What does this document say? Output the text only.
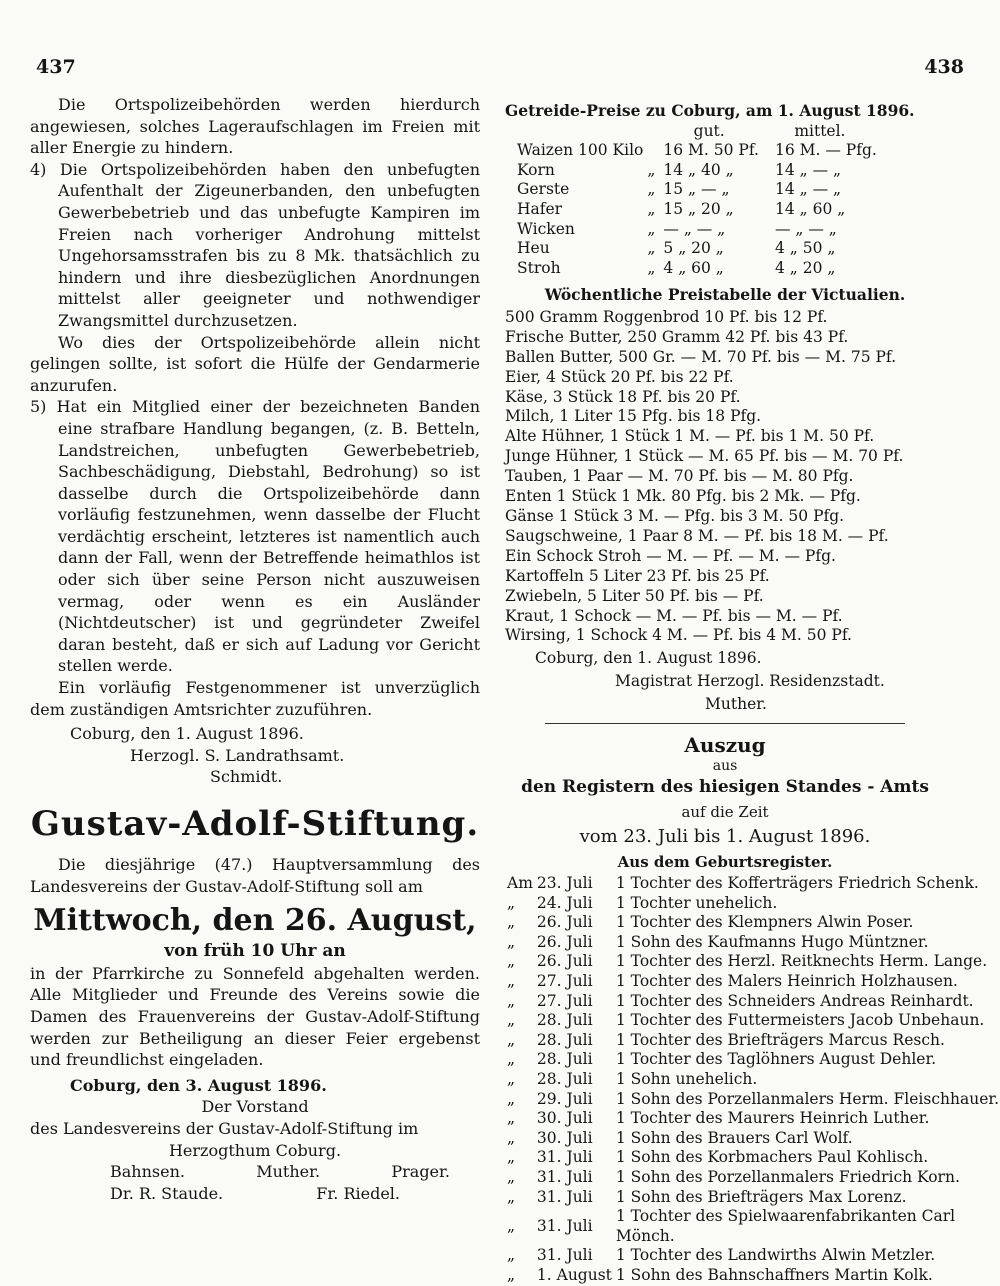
437	438

Die Ortspolizeibehörden werden hierdurch angewiesen, solches Lageraufschlagen im Freien mit aller Energie zu hindern.

4) Die Ortspolizeibehörden haben den unbefugten Aufenthalt der Zigeunerbanden, den unbefugten Gewerbebetrieb und das unbefugte Kampiren im Freien nach vorheriger Androhung mittelst Ungehorsamsstrafen bis zu 8 Mk. thatsächlich zu hindern und ihre diesbezüglichen Anordnungen mittelst aller geeigneter und nothwendiger Zwangsmittel durchzusetzen.

Wo dies der Ortspolizeibehörde allein nicht gelingen sollte, ist sofort die Hülfe der Gendarmerie anzurufen.

5) Hat ein Mitglied einer der bezeichneten Banden eine strafbare Handlung begangen, (z. B. Betteln, Landstreichen, unbefugten Gewerbebetrieb, Sachbeschädigung, Diebstahl, Bedrohung) so ist dasselbe durch die Ortspolizeibehörde dann vorläufig festzunehmen, wenn dasselbe der Flucht verdächtig erscheint, letzteres ist namentlich auch dann der Fall, wenn der Betreffende heimathlos ist oder sich über seine Person nicht auszuweisen vermag, oder wenn es ein Ausländer (Nichtdeutscher) ist und gegründeter Zweifel daran besteht, daß er sich auf Ladung vor Gericht stellen werde.

Ein vorläufig Festgenommener ist unverzüglich dem zuständigen Amtsrichter zuzuführen.

Coburg, den 1. August 1896.

Herzogl. S. Landrathsamt.

Schmidt.

Gustav-Adolf-Stiftung.

Die diesjährige (47.) Hauptversammlung des Landesvereins der Gustav-Adolf-Stiftung soll am

Mittwoch, den 26. August,

von früh 10 Uhr an

in der Pfarrkirche zu Sonnefeld abgehalten werden. Alle Mitglieder und Freunde des Vereins sowie die Damen des Frauenvereins der Gustav-Adolf-Stiftung werden zur Betheiligung an dieser Feier ergebenst und freundlichst eingeladen.

Coburg, den 3. August 1896.

Der Vorstand

des Landesvereins der Gustav-Adolf-Stiftung im

Herzogthum Coburg.

Bahnsen.	Muther.	Prager.
Dr. R. Staude.	Fr. Riedel.

Getreide-Preise zu Coburg, am 1. August 1896.

		gut.	mittel.
Waizen 100 Kilo		16 M. 50 Pf.	16 M. — Pfg.
Korn	„	14 „ 40 „	14 „ — „
Gerste	„	15 „ — „	14 „ — „
Hafer	„	15 „ 20 „	14 „ 60 „
Wicken	„	— „ — „	— „ — „
Heu	„	5 „ 20 „	4 „ 50 „
Stroh	„	4 „ 60 „	4 „ 20 „

Wöchentliche Preistabelle der Victualien.

500 Gramm Roggenbrod 10 Pf. bis 12 Pf.

Frische Butter, 250 Gramm 42 Pf. bis 43 Pf.

Ballen Butter, 500 Gr. — M. 70 Pf. bis — M. 75 Pf.

Eier, 4 Stück 20 Pf. bis 22 Pf.

Käse, 3 Stück 18 Pf. bis 20 Pf.

Milch, 1 Liter 15 Pfg. bis 18 Pfg.

Alte Hühner, 1 Stück 1 M. — Pf. bis 1 M. 50 Pf.

Junge Hühner, 1 Stück — M. 65 Pf. bis — M. 70 Pf.

Tauben, 1 Paar — M. 70 Pf. bis — M. 80 Pfg.

Enten 1 Stück 1 Mk. 80 Pfg. bis 2 Mk. — Pfg.

Gänse 1 Stück 3 M. — Pfg. bis 3 M. 50 Pfg.

Saugschweine, 1 Paar 8 M. — Pf. bis 18 M. — Pf.

Ein Schock Stroh — M. — Pf. — M. — Pfg.

Kartoffeln 5 Liter 23 Pf. bis 25 Pf.

Zwiebeln, 5 Liter 50 Pf. bis — Pf.

Kraut, 1 Schock — M. — Pf. bis — M. — Pf.

Wirsing, 1 Schock 4 M. — Pf. bis 4 M. 50 Pf.

Coburg, den 1. August 1896.

Magistrat Herzogl. Residenzstadt.

Muther.

Auszug

aus

den Registern des hiesigen Standes - Amts

auf die Zeit

vom 23. Juli bis 1. August 1896.

Aus dem Geburtsregister.

Am	23. Juli	1 Tochter des Kofferträgers Friedrich Schenk.
„	24. Juli	1 Tochter unehelich.
„	26. Juli	1 Tochter des Klempners Alwin Poser.
„	26. Juli	1 Sohn des Kaufmanns Hugo Müntzner.
„	26. Juli	1 Tochter des Herzl. Reitknechts Herm. Lange.
„	27. Juli	1 Tochter des Malers Heinrich Holzhausen.
„	27. Juli	1 Tochter des Schneiders Andreas Reinhardt.
„	28. Juli	1 Tochter des Futtermeisters Jacob Unbehaun.
„	28. Juli	1 Tochter des Briefträgers Marcus Resch.
„	28. Juli	1 Tochter des Taglöhners August Dehler.
„	28. Juli	1 Sohn unehelich.
„	29. Juli	1 Sohn des Porzellanmalers Herm. Fleischhauer.
„	30. Juli	1 Tochter des Maurers Heinrich Luther.
„	30. Juli	1 Sohn des Brauers Carl Wolf.
„	31. Juli	1 Sohn des Korbmachers Paul Kohlisch.
„	31. Juli	1 Sohn des Porzellanmalers Friedrich Korn.
„	31. Juli	1 Sohn des Briefträgers Max Lorenz.
„	31. Juli	1 Tochter des Spielwaarenfabrikanten Carl Mönch.
„	31. Juli	1 Tochter des Landwirths Alwin Metzler.
„	1. August	1 Sohn des Bahnschaffners Martin Kolk.
